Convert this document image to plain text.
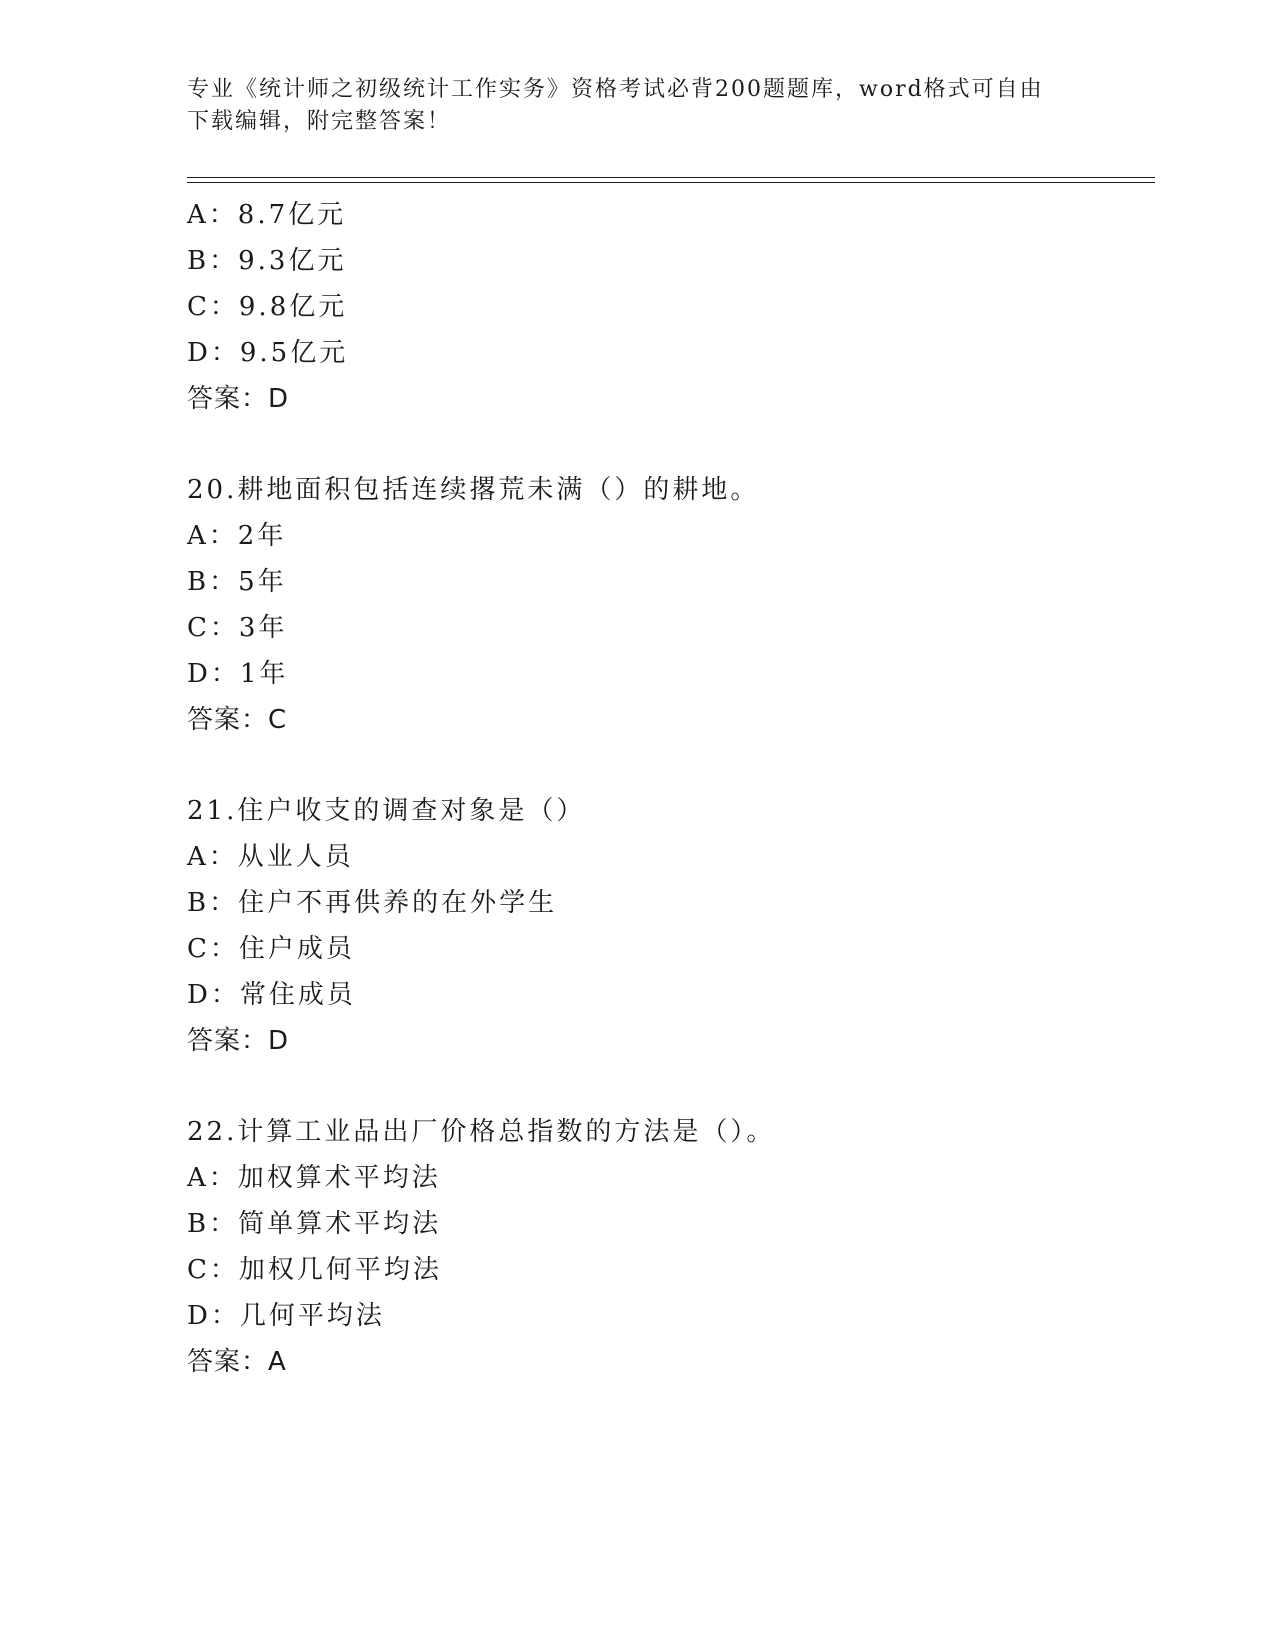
专业《统计师之初级统计工作实务》资格考试必背200题题库，word格式可自由
下载编辑，附完整答案！
A：8.7亿元
B：9.3亿元
C：9.8亿元
D：9.5亿元
答案：D
20.耕地面积包括连续撂荒未满（）的耕地。
A：2年
B：5年
C：3年
D：1年
答案：C
21.住户收支的调查对象是（）
A：从业人员
B：住户不再供养的在外学生
C：住户成员
D：常住成员
答案：D
22.计算工业品出厂价格总指数的方法是（）。
A：加权算术平均法
B：简单算术平均法
C：加权几何平均法
D：几何平均法
答案：A
